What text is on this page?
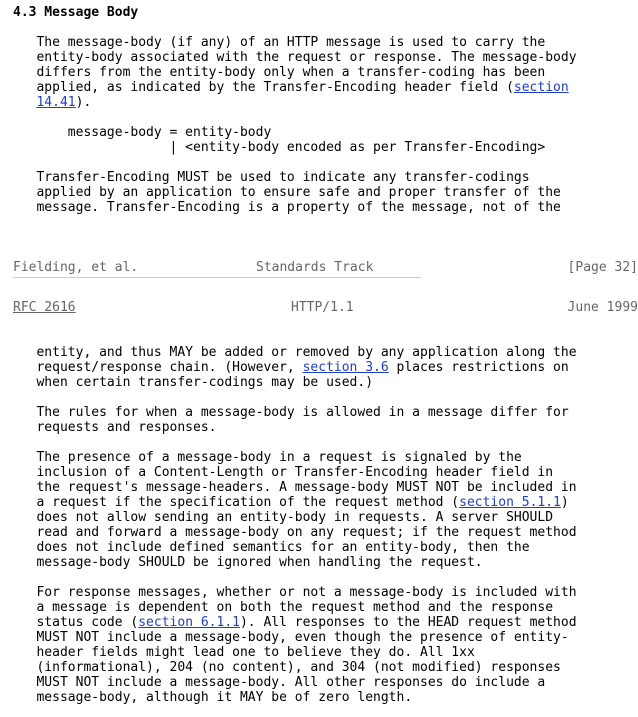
4.3 Message Body
The message-body (if any) of an HTTP message is used to carry the
entity-body associated with the request or response. The message-body
differs from the entity-body only when a transfer-coding has been
applied, as indicated by the Transfer-Encoding header field (section
14.41).
message-body = entity-body
| <entity-body encoded as per Transfer-Encoding>
Transfer-Encoding MUST be used to indicate any transfer-codings
applied by an application to ensure safe and proper transfer of the
message. Transfer-Encoding is a property of the message, not of the
Fielding, et al.	Standards Track	[Page 32]
RFC 2616	HTTP/1.1	June 1999
entity, and thus MAY be added or removed by any application along the
request/response chain. (However, section 3.6 places restrictions on
when certain transfer-codings may be used.)
The rules for when a message-body is allowed in a message differ for
requests and responses.
The presence of a message-body in a request is signaled by the
inclusion of a Content-Length or Transfer-Encoding header field in
the request's message-headers. A message-body MUST NOT be included in
a request if the specification of the request method (section 5.1.1)
does not allow sending an entity-body in requests. A server SHOULD
read and forward a message-body on any request; if the request method
does not include defined semantics for an entity-body, then the
message-body SHOULD be ignored when handling the request.
For response messages, whether or not a message-body is included with
a message is dependent on both the request method and the response
status code (section 6.1.1). All responses to the HEAD request method
MUST NOT include a message-body, even though the presence of entity-
header fields might lead one to believe they do. All 1xx
(informational), 204 (no content), and 304 (not modified) responses
MUST NOT include a message-body. All other responses do include a
message-body, although it MAY be of zero length.
